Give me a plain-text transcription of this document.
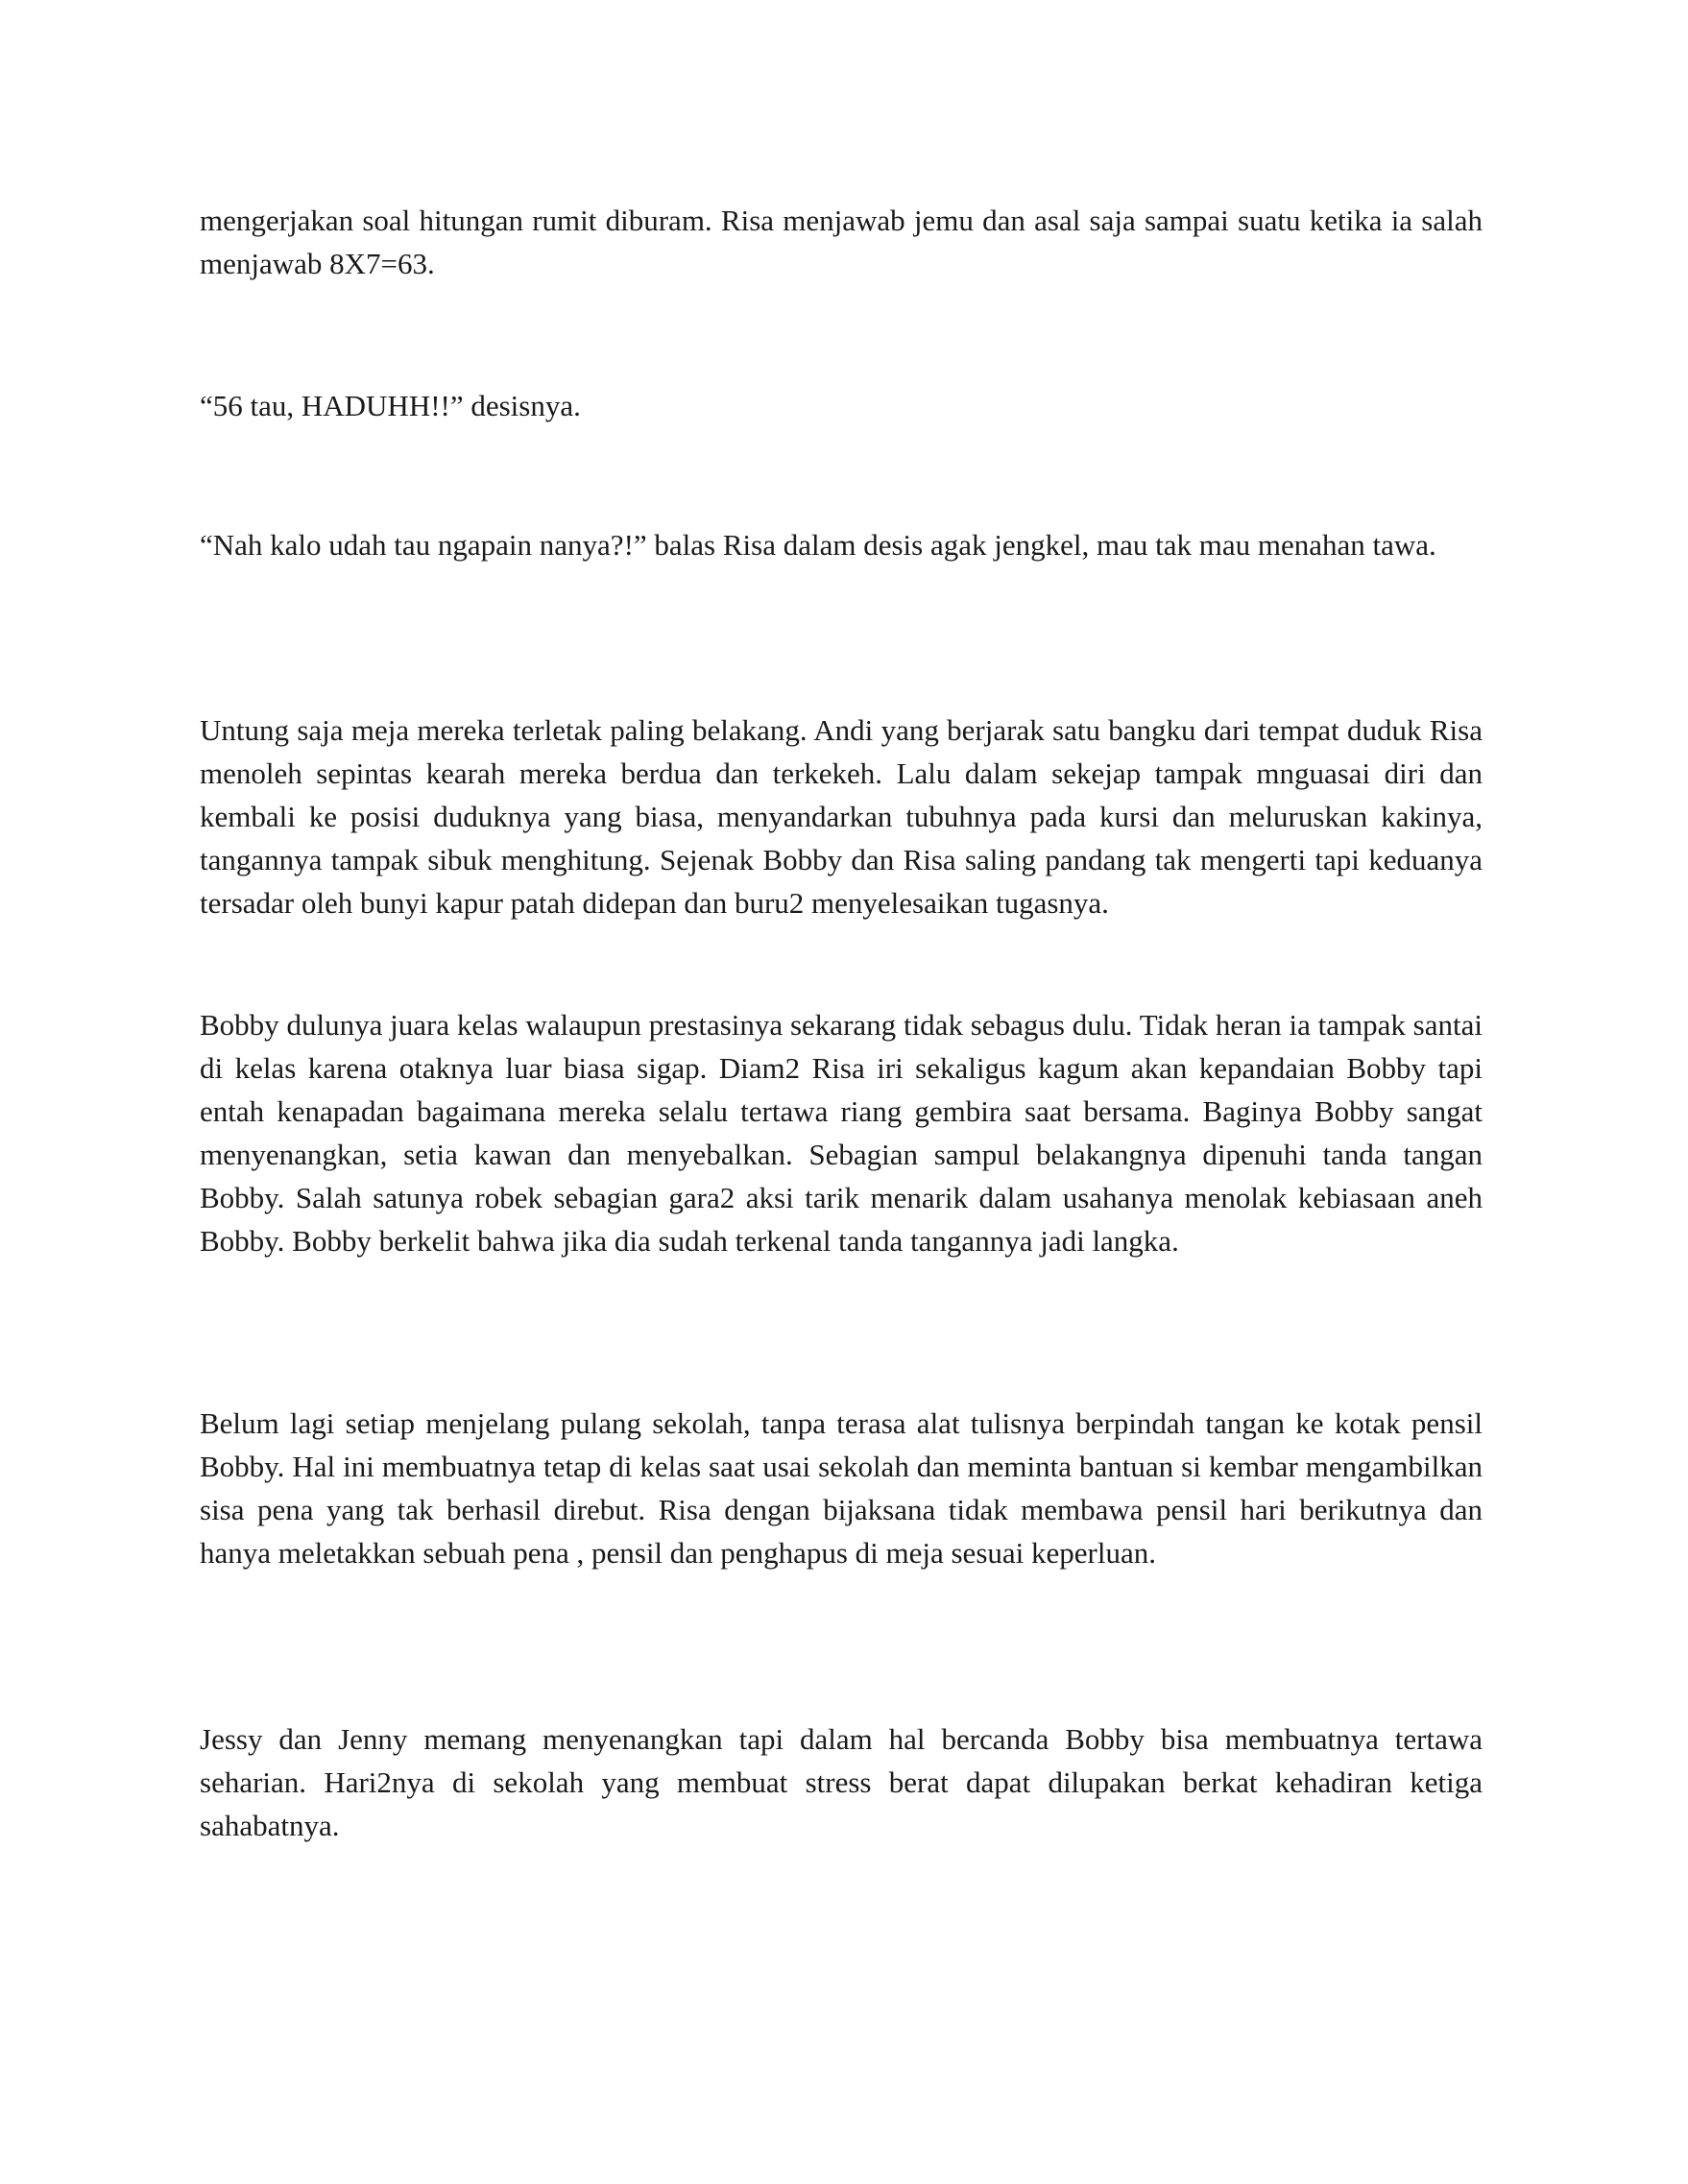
mengerjakan soal hitungan rumit diburam. Risa menjawab jemu dan asal saja sampai suatu ketika ia salah menjawab 8X7=63.

“56 tau, HADUHH!!” desisnya.

“Nah kalo udah tau ngapain nanya?!” balas Risa dalam desis agak jengkel, mau tak mau menahan tawa.

Untung saja meja mereka terletak paling belakang. Andi yang berjarak satu bangku dari tempat duduk Risa menoleh sepintas kearah mereka berdua dan terkekeh. Lalu dalam sekejap tampak mnguasai diri dan kembali ke posisi duduknya yang biasa, menyandarkan tubuhnya pada kursi dan meluruskan kakinya, tangannya tampak sibuk menghitung. Sejenak Bobby dan Risa saling pandang tak mengerti tapi keduanya tersadar oleh bunyi kapur patah didepan dan buru2 menyelesaikan tugasnya.

Bobby dulunya juara kelas walaupun prestasinya sekarang tidak sebagus dulu. Tidak heran ia tampak santai di kelas karena otaknya luar biasa sigap. Diam2 Risa iri sekaligus kagum akan kepandaian Bobby tapi entah kenapadan bagaimana mereka selalu tertawa riang gembira saat bersama. Baginya Bobby sangat menyenangkan, setia kawan dan menyebalkan. Sebagian sampul belakangnya dipenuhi tanda tangan Bobby. Salah satunya robek sebagian gara2 aksi tarik menarik dalam usahanya menolak kebiasaan aneh Bobby. Bobby berkelit bahwa jika dia sudah terkenal tanda tangannya jadi langka.

Belum lagi setiap menjelang pulang sekolah, tanpa terasa alat tulisnya berpindah tangan ke kotak pensil Bobby. Hal ini membuatnya tetap di kelas saat usai sekolah dan meminta bantuan si kembar mengambilkan sisa pena yang tak berhasil direbut. Risa dengan bijaksana tidak membawa pensil hari berikutnya dan hanya meletakkan sebuah pena , pensil dan penghapus di meja sesuai keperluan.

Jessy dan Jenny memang menyenangkan tapi dalam hal bercanda Bobby bisa membuatnya tertawa seharian. Hari2nya di sekolah yang membuat stress berat dapat dilupakan berkat kehadiran ketiga sahabatnya.
